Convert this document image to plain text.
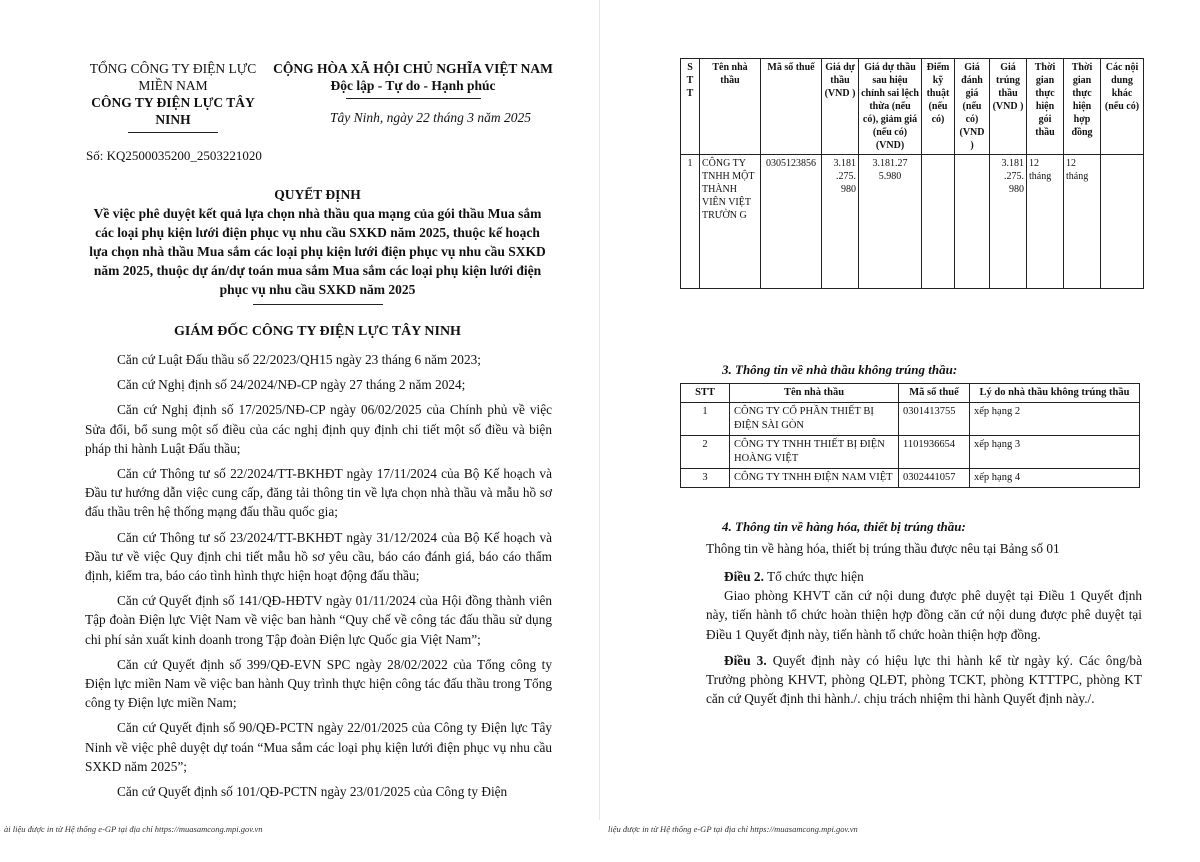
TỔNG CÔNG TY ĐIỆN LỰC MIỀN NAM
CÔNG TY ĐIỆN LỰC TÂY NINH
CỘNG HÒA XÃ HỘI CHỦ NGHĨA VIỆT NAM
Độc lập - Tự do - Hạnh phúc
Tây Ninh, ngày 22 tháng 3 năm 2025
Số: KQ2500035200_2503221020
QUYẾT ĐỊNH
Về việc phê duyệt kết quả lựa chọn nhà thầu qua mạng của gói thầu Mua sắm các loại phụ kiện lưới điện phục vụ nhu cầu SXKD năm 2025, thuộc kế hoạch lựa chọn nhà thầu Mua sắm các loại phụ kiện lưới điện phục vụ nhu cầu SXKD năm 2025, thuộc dự án/dự toán mua sắm Mua sắm các loại phụ kiện lưới điện phục vụ nhu cầu SXKD năm 2025
GIÁM ĐỐC CÔNG TY ĐIỆN LỰC TÂY NINH

Căn cứ Luật Đấu thầu số 22/2023/QH15 ngày 23 tháng 6 năm 2023;

Căn cứ Nghị định số 24/2024/NĐ-CP ngày 27 tháng 2 năm 2024;

Căn cứ Nghị định số 17/2025/NĐ-CP ngày 06/02/2025 của Chính phủ về việc Sửa đổi, bổ sung một số điều của các nghị định quy định chi tiết một số điều và biện pháp thi hành Luật Đấu thầu;

Căn cứ Thông tư số 22/2024/TT-BKHĐT ngày 17/11/2024 của Bộ Kế hoạch và Đầu tư hướng dẫn việc cung cấp, đăng tải thông tin về lựa chọn nhà thầu và mẫu hồ sơ đấu thầu trên hệ thống mạng đấu thầu quốc gia;

Căn cứ Thông tư số 23/2024/TT-BKHĐT ngày 31/12/2024 của Bộ Kế hoạch và Đầu tư về việc Quy định chi tiết mẫu hồ sơ yêu cầu, báo cáo đánh giá, báo cáo thẩm định, kiểm tra, báo cáo tình hình thực hiện hoạt động đấu thầu;

Căn cứ Quyết định số 141/QĐ-HĐTV ngày 01/11/2024 của Hội đồng thành viên Tập đoàn Điện lực Việt Nam về việc ban hành “Quy chế về công tác đấu thầu sử dụng chi phí sản xuất kinh doanh trong Tập đoàn Điện lực Quốc gia Việt Nam”;

Căn cứ Quyết định số 399/QĐ-EVN SPC ngày 28/02/2022 của Tổng công ty Điện lực miền Nam về việc ban hành Quy trình thực hiện công tác đấu thầu trong Tổng công ty Điện lực miền Nam;

Căn cứ Quyết định số 90/QĐ-PCTN ngày 22/01/2025 của Công ty Điện lực Tây Ninh về việc phê duyệt dự toán “Mua sắm các loại phụ kiện lưới điện phục vụ nhu cầu SXKD năm 2025”;

Căn cứ Quyết định số 101/QĐ-PCTN ngày 23/01/2025 của Công ty Điện

ài liệu được in từ Hệ thống e-GP tại địa chỉ https://muasamcong.mpi.gov.vn
S T T	Tên nhà thầu	Mã số thuế	Giá dự thầu (VND )	Giá dự thầu sau hiệu chỉnh sai lệch thừa (nếu có), giảm giá (nếu có) (VND)	Điểm kỹ thuật (nếu có)	Giá đánh giá (nếu có) (VND )	Giá trúng thầu (VND )	Thời gian thực hiện gói thầu	Thời gian thực hiện hợp đồng	Các nội dung khác (nếu có)
1	CÔNG TY TNHH MỘT THÀNH VIÊN VIỆT TRƯỜN G	0305123856	3.181 .275. 980	3.181.27 5.980			3.181 .275. 980	12 tháng	12 tháng	
3. Thông tin về nhà thầu không trúng thầu:
STT	Tên nhà thầu	Mã số thuế	Lý do nhà thầu không trúng thầu
1	CÔNG TY CỔ PHẦN THIẾT BỊ ĐIỆN SÀI GÒN	0301413755	xếp hạng 2
2	CÔNG TY TNHH THIẾT BỊ ĐIỆN HOÀNG VIỆT	1101936654	xếp hạng 3
3	CÔNG TY TNHH ĐIỆN NAM VIỆT	0302441057	xếp hạng 4
4. Thông tin về hàng hóa, thiết bị trúng thầu:
Thông tin về hàng hóa, thiết bị trúng thầu được nêu tại Bảng số 01

Điều 2. Tổ chức thực hiện

Giao phòng KHVT căn cứ nội dung được phê duyệt tại Điều 1 Quyết định này, tiến hành tổ chức hoàn thiện hợp đồng căn cứ nội dung được phê duyệt tại Điều 1 Quyết định này, tiến hành tổ chức hoàn thiện hợp đồng.

Điều 3. Quyết định này có hiệu lực thi hành kể từ ngày ký. Các ông/bà Trưởng phòng KHVT, phòng QLĐT, phòng TCKT, phòng KTTTPC, phòng KT căn cứ Quyết định thi hành./. chịu trách nhiệm thi hành Quyết định này./.

liệu được in từ Hệ thống e-GP tại địa chỉ https://muasamcong.mpi.gov.vn
